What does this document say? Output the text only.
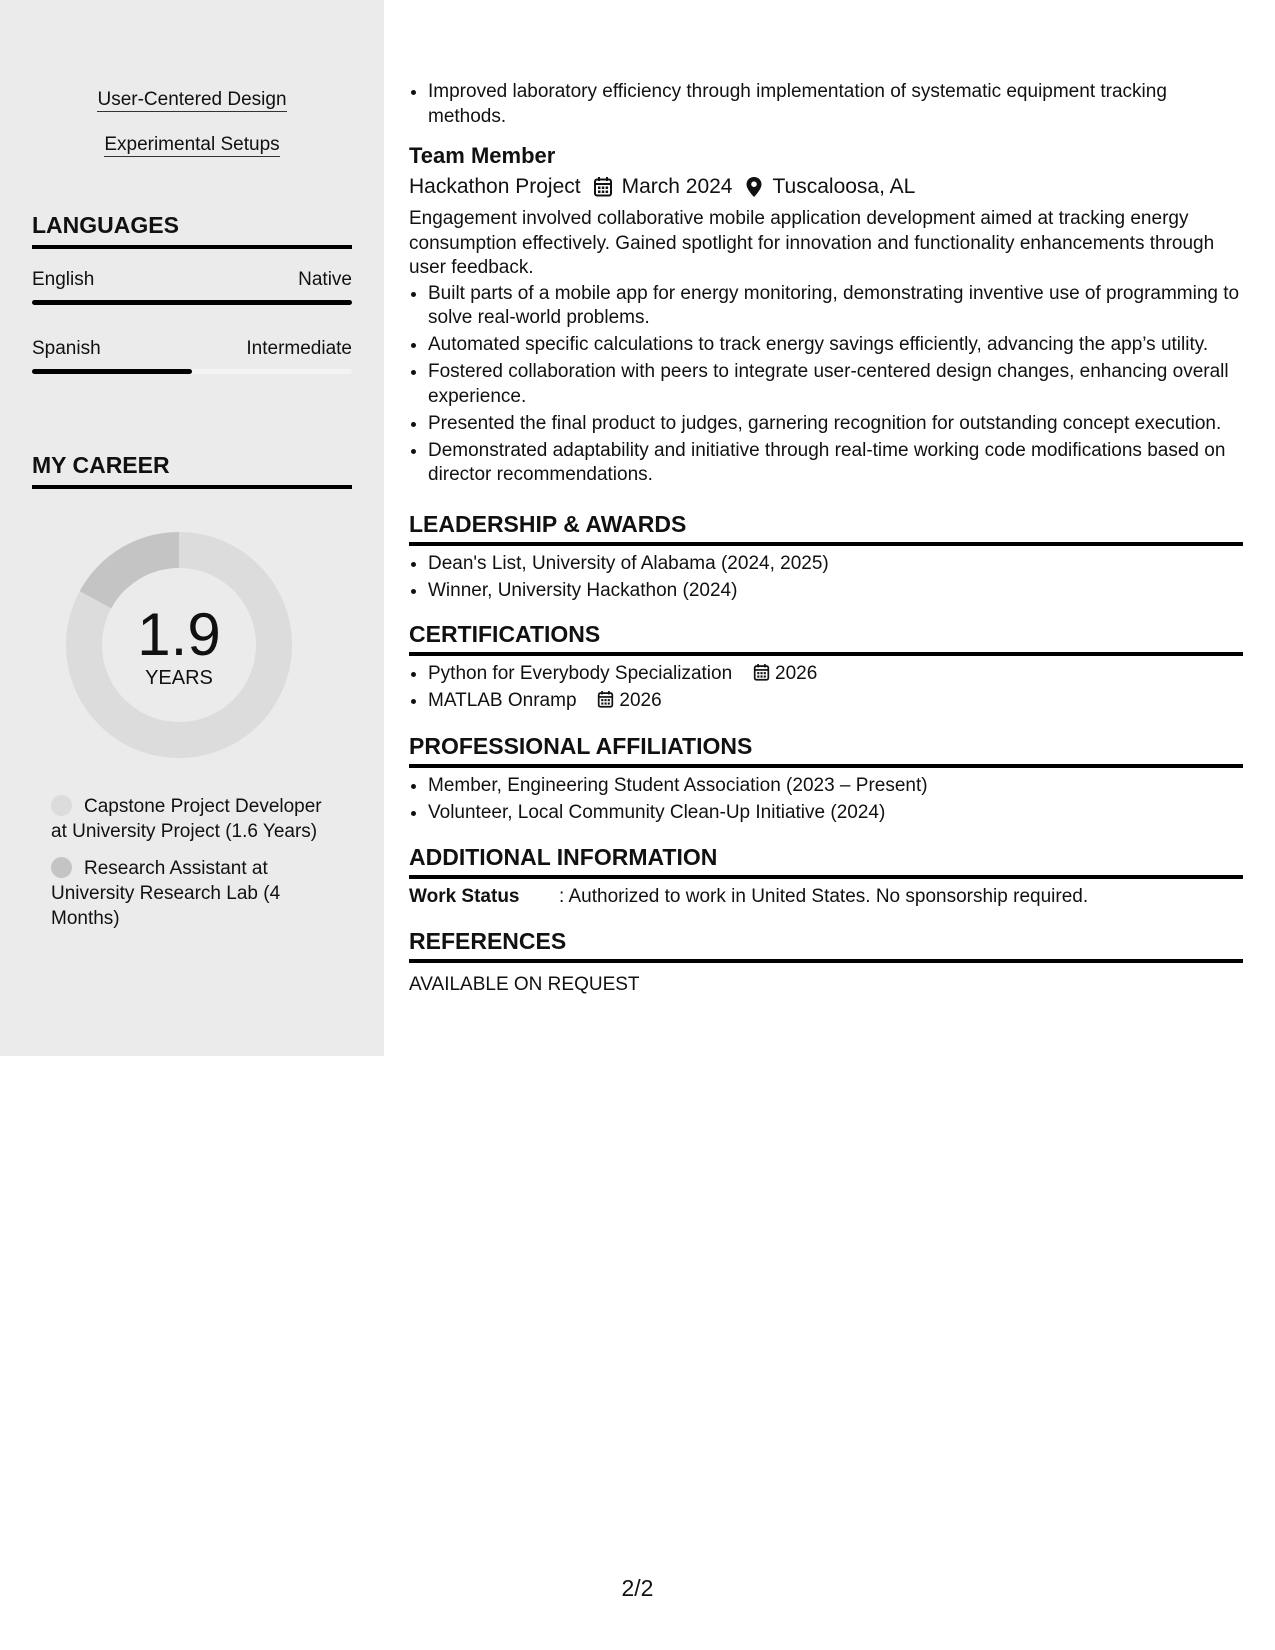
User-Centered Design
Experimental Setups
LANGUAGES
English	Native
Spanish	Intermediate
MY CAREER
1.9
YEARS
Capstone Project Developer at University Project (1.6 Years)
Research Assistant at University Research Lab (4 Months)
• Improved laboratory efficiency through implementation of systematic equipment tracking methods.
Team Member
Hackathon Project March 2024 Tuscaloosa, AL
Engagement involved collaborative mobile application development aimed at tracking energy consumption effectively. Gained spotlight for innovation and functionality enhancements through user feedback.
• Built parts of a mobile app for energy monitoring, demonstrating inventive use of programming to solve real-world problems.
• Automated specific calculations to track energy savings efficiently, advancing the app’s utility.
• Fostered collaboration with peers to integrate user-centered design changes, enhancing overall experience.
• Presented the final product to judges, garnering recognition for outstanding concept execution.
• Demonstrated adaptability and initiative through real-time working code modifications based on director recommendations.
LEADERSHIP & AWARDS
• Dean's List, University of Alabama (2024, 2025)
• Winner, University Hackathon (2024)
CERTIFICATIONS
• Python for Everybody Specialization 2026
• MATLAB Onramp 2026
PROFESSIONAL AFFILIATIONS
• Member, Engineering Student Association (2023 – Present)
• Volunteer, Local Community Clean-Up Initiative (2024)
ADDITIONAL INFORMATION
Work Status : Authorized to work in United States. No sponsorship required.
REFERENCES
AVAILABLE ON REQUEST
2/2
